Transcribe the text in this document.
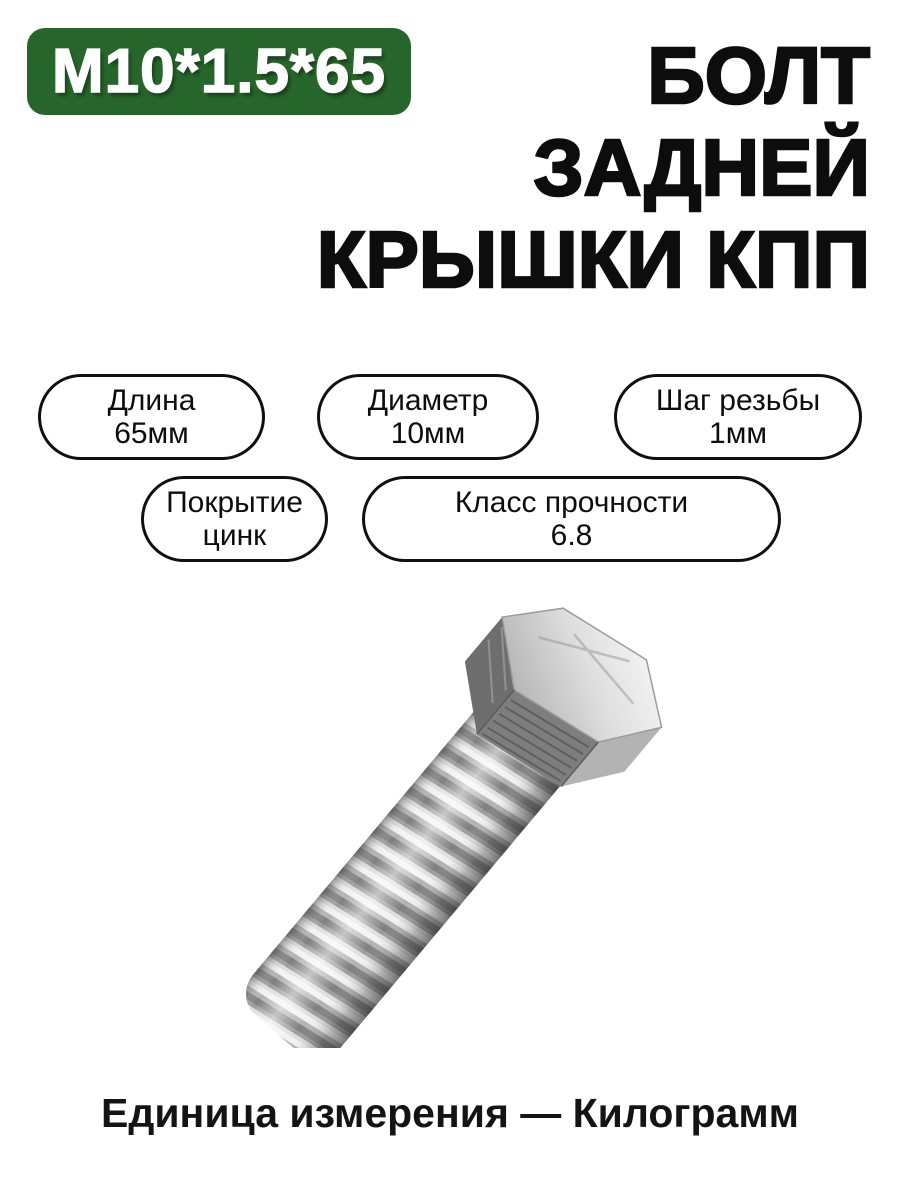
М10*1.5*65	БОЛТ
ЗАДНЕЙ
КРЫШКИ КПП
Длина
65мм
Диаметр
10мм
Шаг резьбы
1мм
Покрытие
цинк
Класс прочности
6.8
Единица измерения — Килограмм
